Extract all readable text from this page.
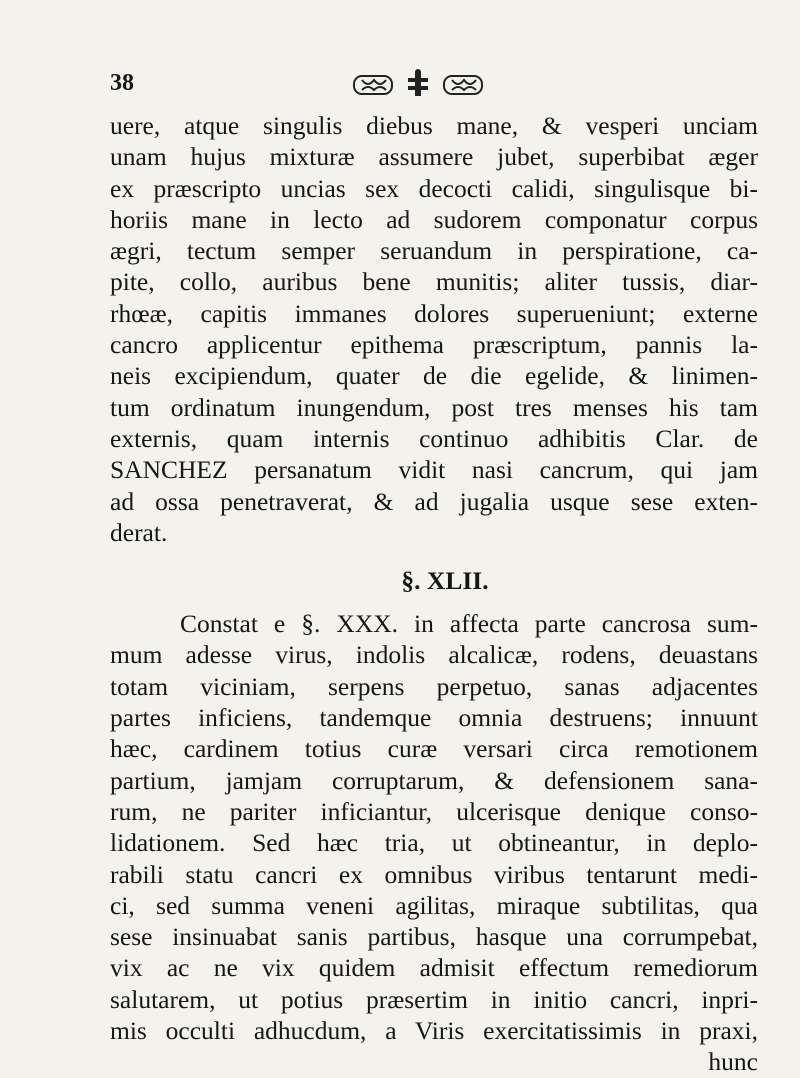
38
uere, atque singulis diebus mane, & vesperi unciam
unam hujus mixturæ assumere jubet, superbibat æger
ex præscripto uncias sex decocti calidi, singulisque bi-
horiis mane in lecto ad sudorem componatur corpus
ægri, tectum semper seruandum in perspiratione, ca-
pite, collo, auribus bene munitis; aliter tussis, diar-
rhœæ, capitis immanes dolores superueniunt; externe
cancro applicentur epithema præscriptum, pannis la-
neis excipiendum, quater de die egelide, & linimen-
tum ordinatum inungendum, post tres menses his tam
externis, quam internis continuo adhibitis Clar. de
SANCHEZ persanatum vidit nasi cancrum, qui jam
ad ossa penetraverat, & ad jugalia usque sese exten-
derat.
§. XLII.
Constat e §. XXX. in affecta parte cancrosa sum-
mum adesse virus, indolis alcalicæ, rodens, deuastans
totam viciniam, serpens perpetuo, sanas adjacentes
partes inficiens, tandemque omnia destruens; innuunt
hæc, cardinem totius curæ versari circa remotionem
partium, jamjam corruptarum, & defensionem sana-
rum, ne pariter inficiantur, ulcerisque denique conso-
lidationem. Sed hæc tria, ut obtineantur, in deplo-
rabili statu cancri ex omnibus viribus tentarunt medi-
ci, sed summa veneni agilitas, miraque subtilitas, qua
sese insinuabat sanis partibus, hasque una corrumpebat,
vix ac ne vix quidem admisit effectum remediorum
salutarem, ut potius præsertim in initio cancri, inpri-
mis occulti adhucdum, a Viris exercitatissimis in praxi,
hunc
